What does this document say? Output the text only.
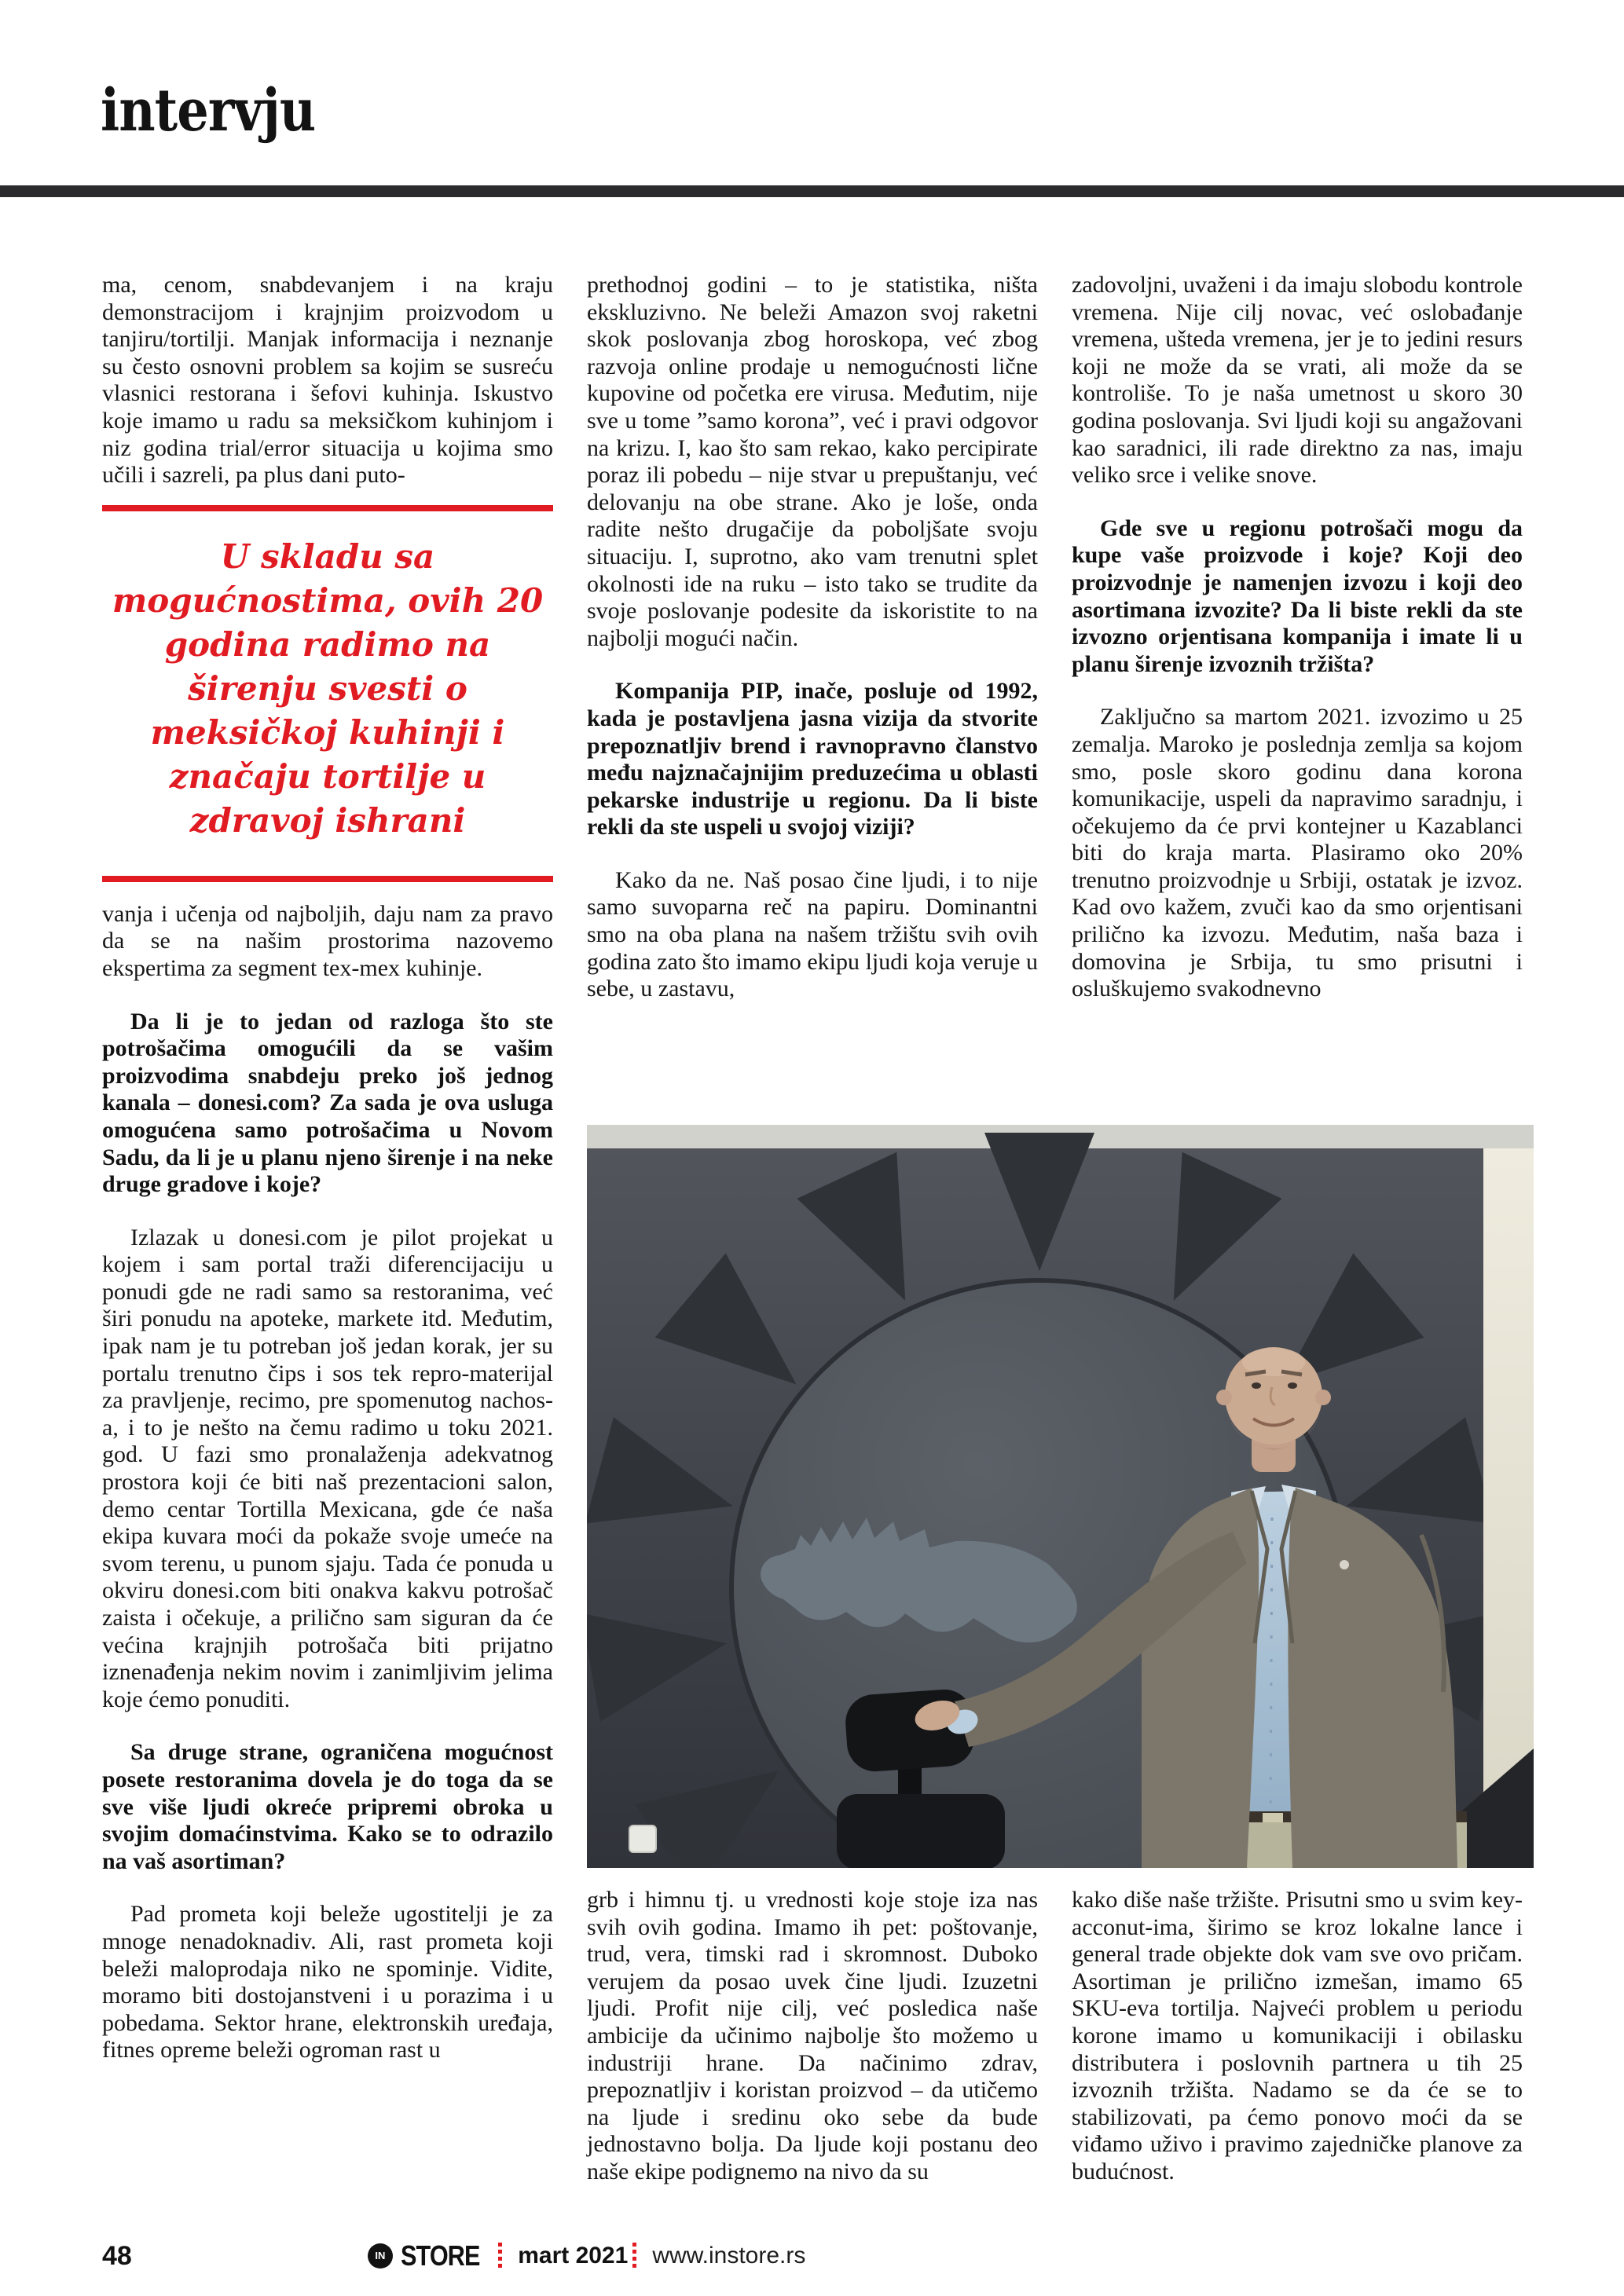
intervju

ma, cenom, snabdevanjem i na kraju demonstracijom i krajnjim proizvodom u tanjiru/tortilji. Manjak informacija i neznanje su često osnovni problem sa kojim se susreću vlasnici restorana i šefovi kuhinja. Iskustvo koje imamo u radu sa meksičkom kuhinjom i niz godina trial/error situacija u kojima smo učili i sazreli, pa plus dani puto-

U skladu sa mogućnostima, ovih 20 godina radimo na širenju svesti o meksičkoj kuhinji i značaju tortilje u zdravoj ishrani

vanja i učenja od najboljih, daju nam za pravo da se na našim prostorima nazovemo ekspertima za segment tex-mex kuhinje.

Da li je to jedan od razloga što ste potrošačima omogućili da se vašim proizvodima snabdeju preko još jednog kanala – donesi.com? Za sada je ova usluga omogućena samo potrošačima u Novom Sadu, da li je u planu njeno širenje i na neke druge gradove i koje?

Izlazak u donesi.com je pilot projekat u kojem i sam portal traži diferencijaciju u ponudi gde ne radi samo sa restoranima, već širi ponudu na apoteke, markete itd. Međutim, ipak nam je tu potreban još jedan korak, jer su portalu trenutno čips i sos tek repro-materijal za pravljenje, recimo, pre spomenutog nachos-a, i to je nešto na čemu radimo u toku 2021. god. U fazi smo pronalaženja adekvatnog prostora koji će biti naš prezentacioni salon, demo centar Tortilla Mexicana, gde će naša ekipa kuvara moći da pokaže svoje umeće na svom terenu, u punom sjaju. Tada će ponuda u okviru donesi.com biti onakva kakvu potrošač zaista i očekuje, a prilično sam siguran da će većina krajnjih potrošača biti prijatno iznenađenja nekim novim i zanimljivim jelima koje ćemo ponuditi.

Sa druge strane, ograničena mogućnost posete restoranima dovela je do toga da se sve više ljudi okreće pripremi obroka u svojim domaćinstvima. Kako se to odrazilo na vaš asortiman?

Pad prometa koji beleže ugostitelji je za mnoge nenadoknadiv. Ali, rast prometa koji beleži maloprodaja niko ne spominje. Vidite, moramo biti dostojanstveni i u porazima i u pobedama. Sektor hrane, elektronskih uređaja, fitnes opreme beleži ogroman rast u

prethodnoj godini – to je statistika, ništa ekskluzivno. Ne beleži Amazon svoj raketni skok poslovanja zbog horoskopa, već zbog razvoja online prodaje u nemogućnosti lične kupovine od početka ere virusa. Međutim, nije sve u tome ”samo korona”, već i pravi odgovor na krizu. I, kao što sam rekao, kako percipirate poraz ili pobedu – nije stvar u prepuštanju, već delovanju na obe strane. Ako je loše, onda radite nešto drugačije da poboljšate svoju situaciju. I, suprotno, ako vam trenutni splet okolnosti ide na ruku – isto tako se trudite da svoje poslovanje podesite da iskoristite to na najbolji mogući način.

Kompanija PIP, inače, posluje od 1992, kada je postavljena jasna vizija da stvorite prepoznatljiv brend i ravnopravno članstvo među najznačajnijim preduzećima u oblasti pekarske industrije u regionu. Da li biste rekli da ste uspeli u svojoj viziji?

Kako da ne. Naš posao čine ljudi, i to nije samo suvoparna reč na papiru. Dominantni smo na oba plana na našem tržištu svih ovih godina zato što imamo ekipu ljudi koja veruje u sebe, u zastavu,

zadovoljni, uvaženi i da imaju slobodu kontrole vremena. Nije cilj novac, već oslobađanje vremena, ušteda vremena, jer je to jedini resurs koji ne može da se vrati, ali može da se kontroliše. To je naša umetnost u skoro 30 godina poslovanja. Svi ljudi koji su angažovani kao saradnici, ili rade direktno za nas, imaju veliko srce i velike snove.

Gde sve u regionu potrošači mogu da kupe vaše proizvode i koje? Koji deo proizvodnje je namenjen izvozu i koji deo asortimana izvozite? Da li biste rekli da ste izvozno orjentisana kompanija i imate li u planu širenje izvoznih tržišta?

Zaključno sa martom 2021. izvozimo u 25 zemalja. Maroko je poslednja zemlja sa kojom smo, posle skoro godinu dana korona komunikacije, uspeli da napravimo saradnju, i očekujemo da će prvi kontejner u Kazablanci biti do kraja marta. Plasiramo oko 20% trenutno proizvodnje u Srbiji, ostatak je izvoz. Kad ovo kažem, zvuči kao da smo orjentisani prilično ka izvozu. Međutim, naša baza i domovina je Srbija, tu smo prisutni i osluškujemo svakodnevno

grb i himnu tj. u vrednosti koje stoje iza nas svih ovih godina. Imamo ih pet: poštovanje, trud, vera, timski rad i skromnost. Duboko verujem da posao uvek čine ljudi. Izuzetni ljudi. Profit nije cilj, već posledica naše ambicije da učinimo najbolje što možemo u industriji hrane. Da načinimo zdrav, prepoznatljiv i koristan proizvod – da utičemo na ljude i sredinu oko sebe da bude jednostavno bolja. Da ljude koji postanu deo naše ekipe podignemo na nivo da su

kako diše naše tržište. Prisutni smo u svim key-acconut-ima, širimo se kroz lokalne lance i general trade objekte dok vam sve ovo pričam. Asortiman je prilično izmešan, imamo 65 SKU-eva tortilja. Najveći problem u periodu korone imamo u komunikaciji i obilasku distributera i poslovnih partnera u tih 25 izvoznih tržišta. Nadamo se da će se to stabilizovati, pa ćemo ponovo moći da se viđamo uživo i pravimo zajedničke planove za budućnost.

48	IN STORE mart 2021 www.instore.rs
